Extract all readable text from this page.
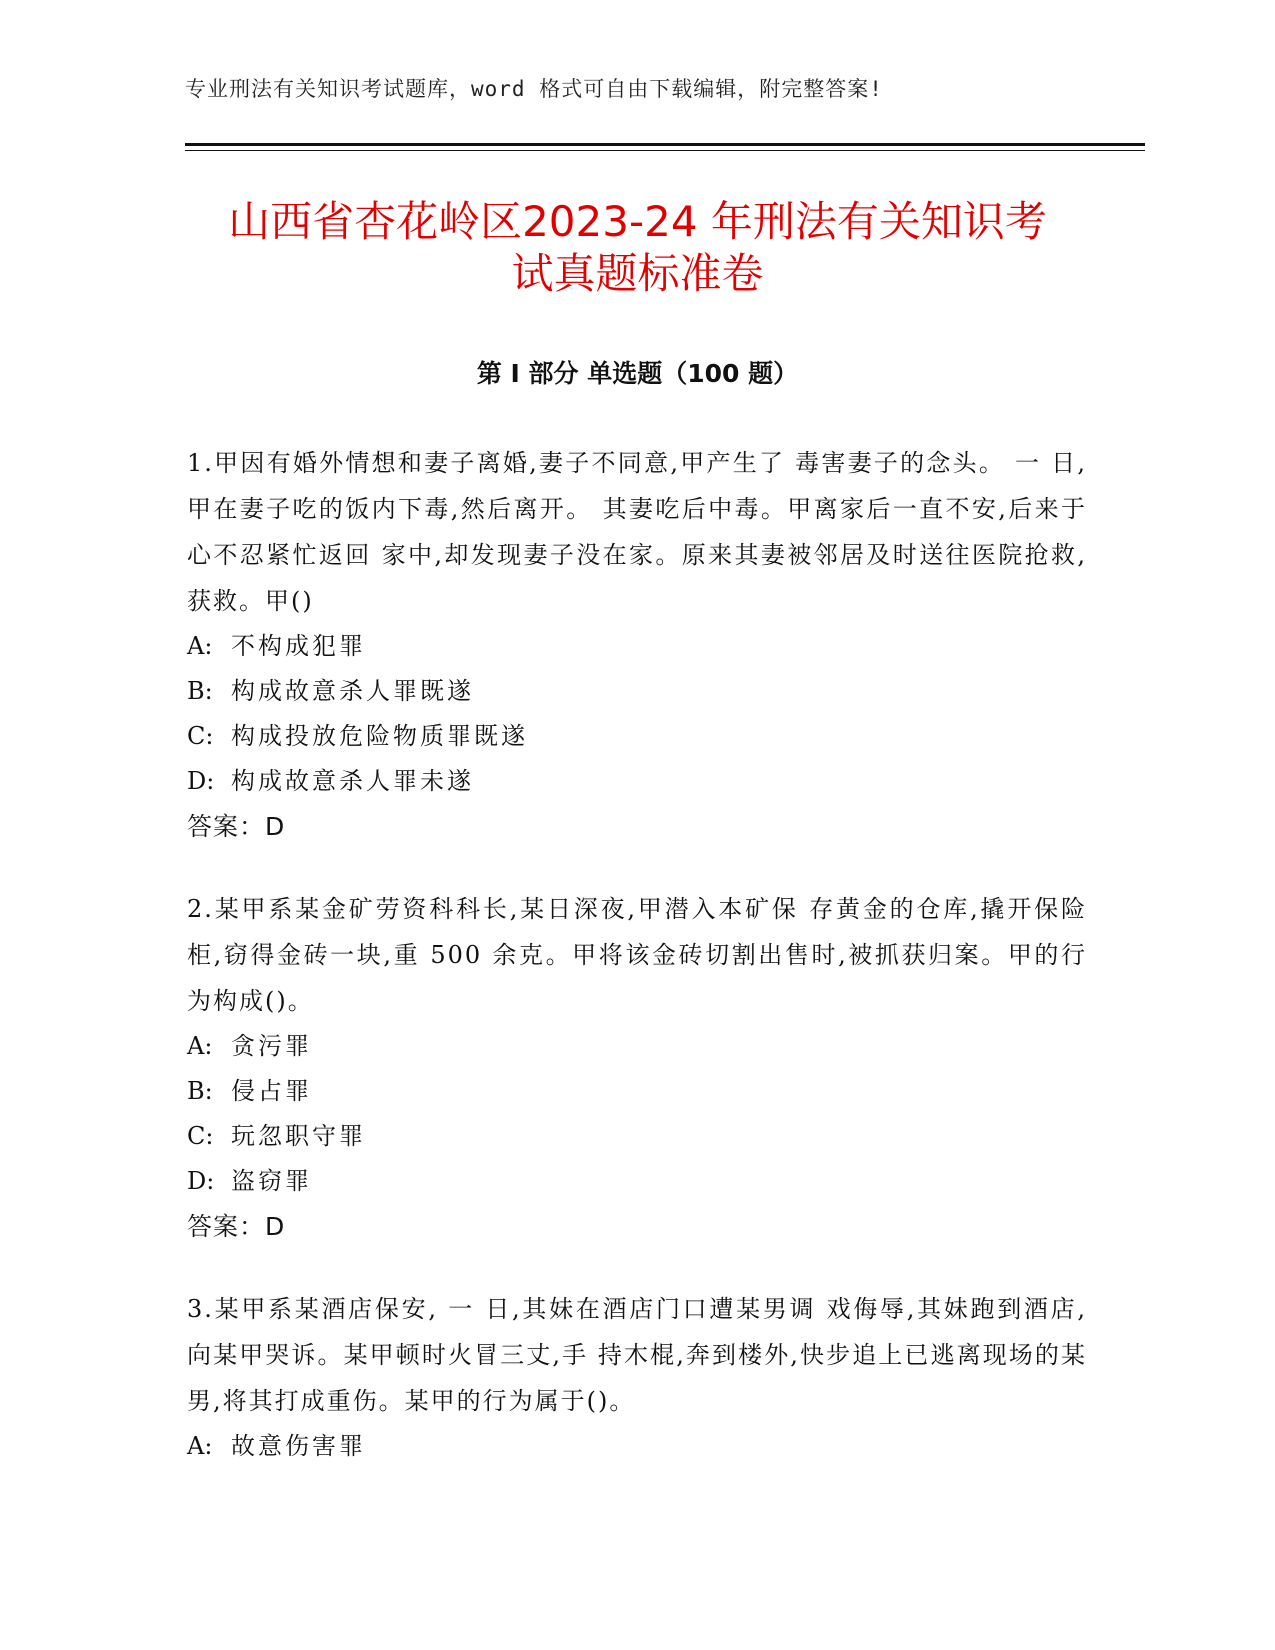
专业刑法有关知识考试题库，word 格式可自由下载编辑，附完整答案!
山西省杏花岭区2023-24 年刑法有关知识考
试真题标准卷
第 I 部分 单选题（100 题）
1.甲因有婚外情想和妻子离婚,妻子不同意,甲产生了 毒害妻子的念头。 一 日,甲在妻子吃的饭内下毒,然后离开。 其妻吃后中毒。甲离家后一直不安,后来于心不忍紧忙返回 家中,却发现妻子没在家。原来其妻被邻居及时送往医院抢救,获救。甲()
A: 不构成犯罪
B: 构成故意杀人罪既遂
C: 构成投放危险物质罪既遂
D: 构成故意杀人罪未遂
答案：D
2.某甲系某金矿劳资科科长,某日深夜,甲潜入本矿保 存黄金的仓库,撬开保险柜,窃得金砖一块,重 500 余克。甲将该金砖切割出售时,被抓获归案。甲的行为构成()。
A: 贪污罪
B: 侵占罪
C: 玩忽职守罪
D: 盗窃罪
答案：D
3.某甲系某酒店保安, 一 日,其妹在酒店门口遭某男调 戏侮辱,其妹跑到酒店,向某甲哭诉。某甲顿时火冒三丈,手 持木棍,奔到楼外,快步追上已逃离现场的某男,将其打成重伤。某甲的行为属于()。
A: 故意伤害罪
